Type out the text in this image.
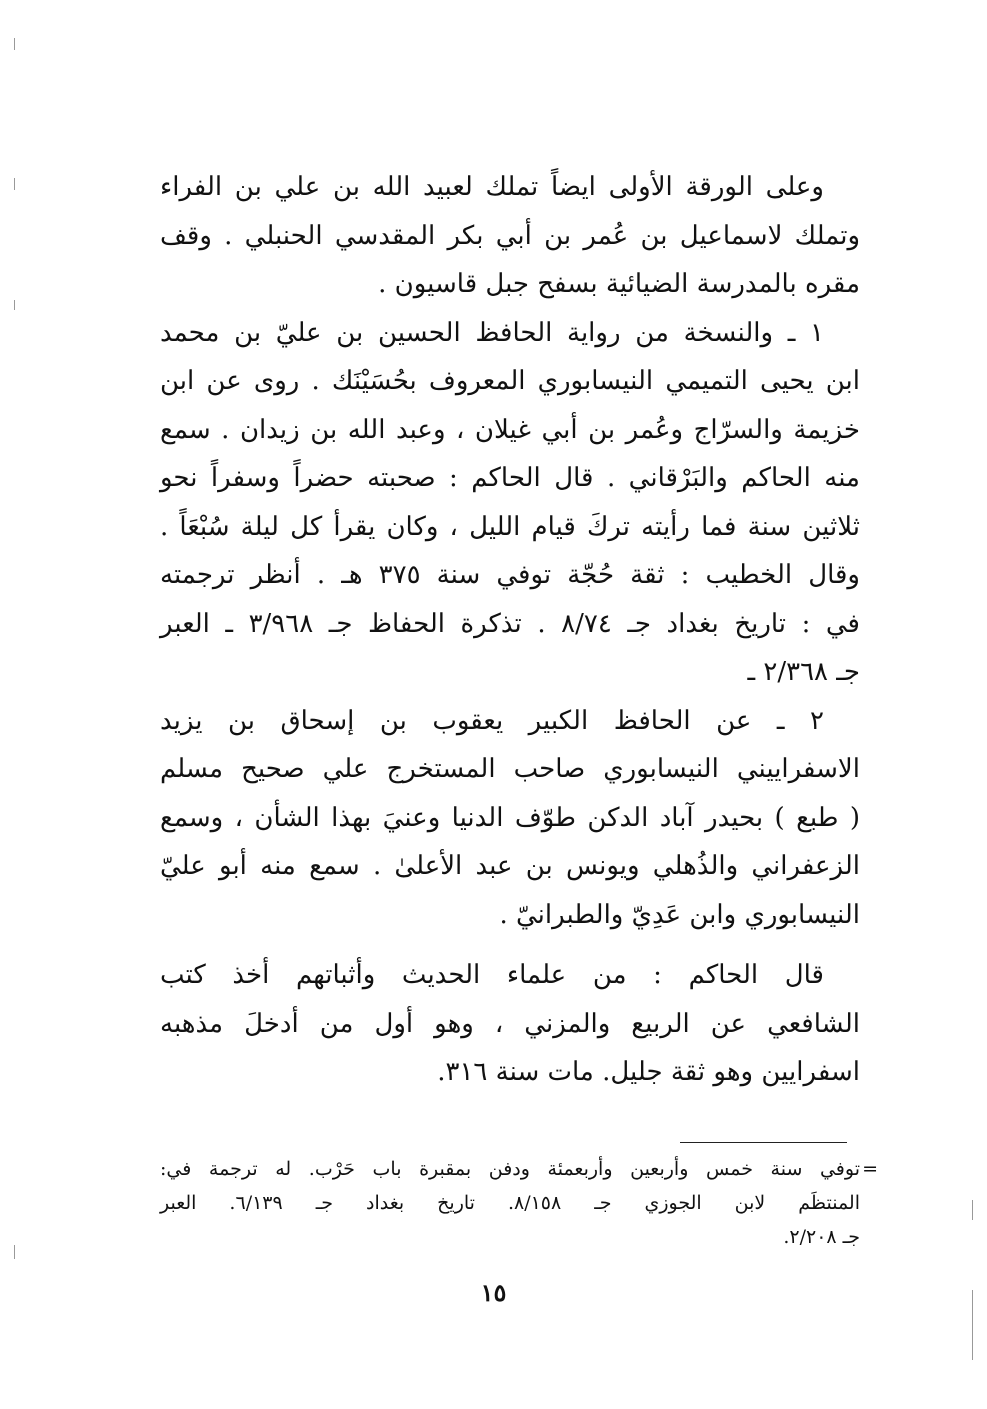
وعلى الورقة الأولى ايضاً تملك لعبيد الله بن علي بن الفراء
وتملك لاسماعيل بن عُمر بن أبي بكر المقدسي الحنبلي . وقف
مقره بالمدرسة الضيائية بسفح جبل قاسيون .
١ ـ والنسخة من رواية الحافظ الحسين بن عليّ بن محمد
ابن يحيى التميمي النيسابوري المعروف بحُسَيْنَك . روى عن ابن
خزيمة والسرّاج وعُمر بن أبي غيلان ، وعبد الله بن زيدان . سمع
منه الحاكم والبَرْقاني . قال الحاكم : صحبته حضراً وسفراً نحو
ثلاثين سنة فما رأيته تركَ قيام الليل ، وكان يقرأ كل ليلة سُبْعَاً .
وقال الخطيب : ثقة حُجّة توفي سنة ٣٧٥ هـ . أنظر ترجمته
في : تاريخ بغداد جـ ٨/٧٤ . تذكرة الحفاظ جـ ٣/٩٦٨ ـ العبر
جـ ٢/٣٦٨ ـ
٢ ـ عن الحافظ الكبير يعقوب بن إسحاق بن يزيد
الاسفراييني النيسابوري صاحب المستخرج علي صحيح مسلم
( طبع ) بحيدر آباد الدكن طوّف الدنيا وعنيَ بهذا الشأن ، وسمع
الزعفراني والذُهلي ويونس بن عبد الأعلىٰ . سمع منه أبو عليّ
النيسابوري وابن عَدِيّ والطبرانيّ .
قال الحاكم : من علماء الحديث وأثباتهم أخذ كتب
الشافعي عن الربيع والمزني ، وهو أول من أدخلَ مذهبه
اسفرايين وهو ثقة جليل. مات سنة ٣١٦.
=
توفي سنة خمس وأربعين وأربعمئة ودفن بمقبرة باب حَرْب. له ترجمة في:
المنتظَم لابن الجوزي جـ ٨/١٥٨. تاريخ بغداد جـ ٦/١٣٩. العبر
جـ ٢/٢٠٨.
١٥
